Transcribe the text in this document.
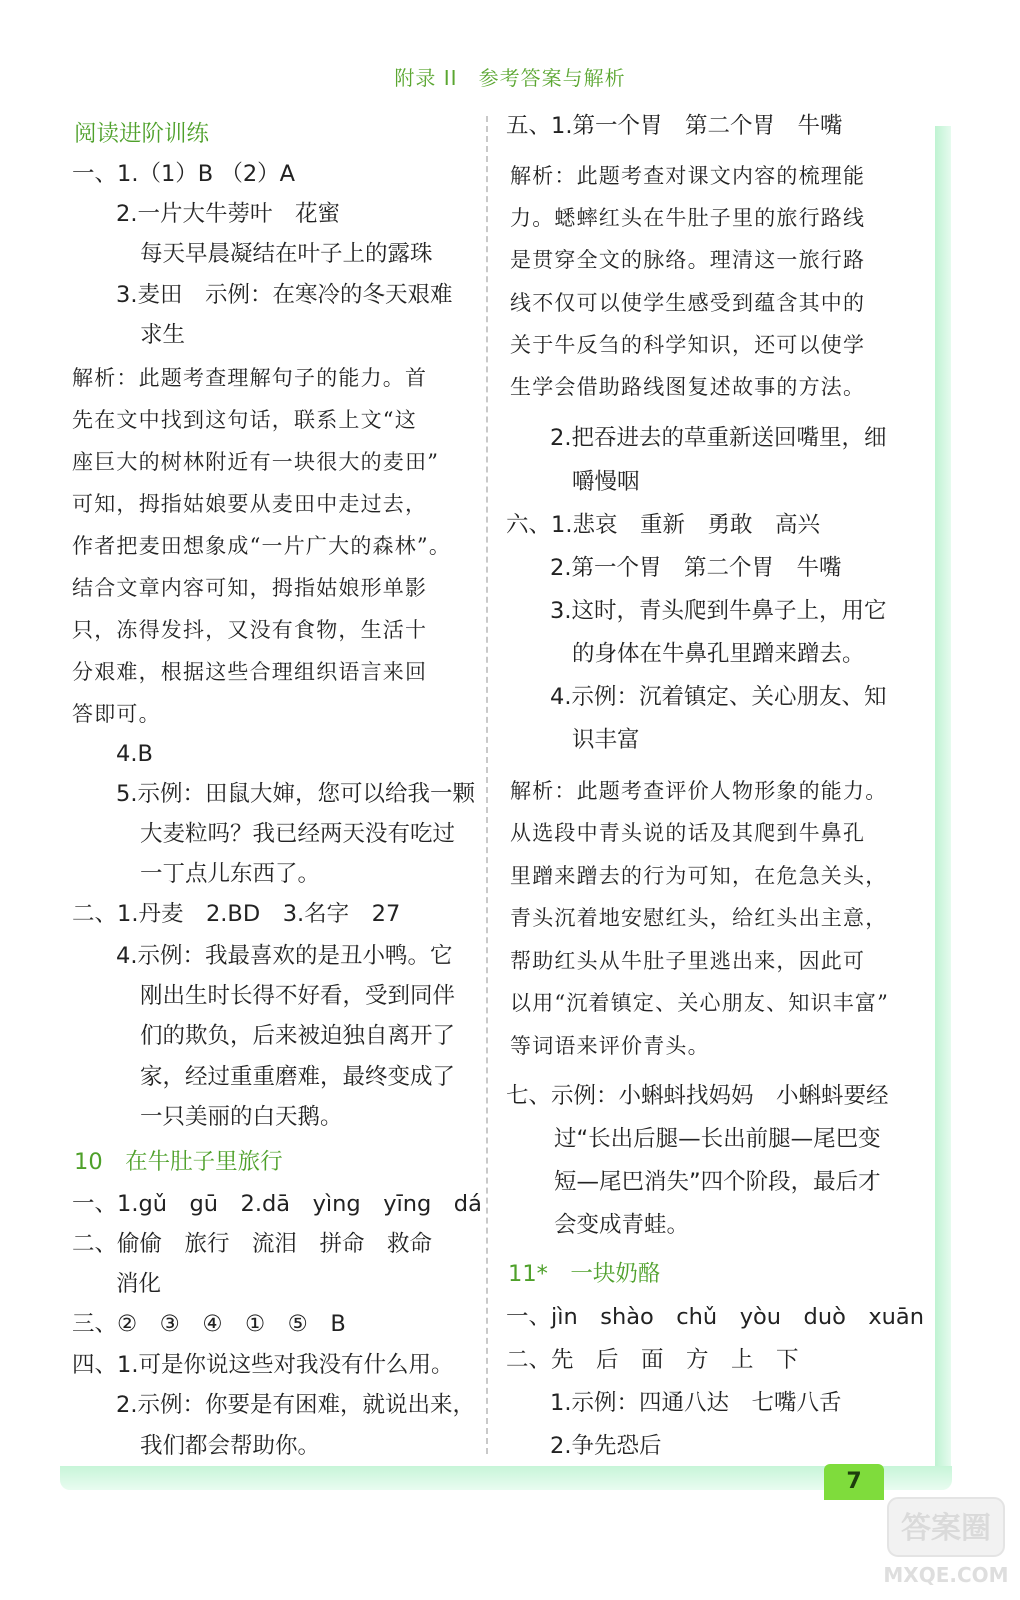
附录 II　参考答案与解析
阅读进阶训练
一、1.（1）B （2）A
2.一片大牛蒡叶　花蜜
每天早晨凝结在叶子上的露珠
3.麦田　示例：在寒冷的冬天艰难
求生
解析：此题考查理解句子的能力。首
先在文中找到这句话，联系上文“这
座巨大的树林附近有一块很大的麦田”
可知，拇指姑娘要从麦田中走过去，
作者把麦田想象成“一片广大的森林”。
结合文章内容可知，拇指姑娘形单影
只，冻得发抖，又没有食物，生活十
分艰难，根据这些合理组织语言来回
答即可。
4.B
5.示例：田鼠大婶，您可以给我一颗
大麦粒吗？我已经两天没有吃过
一丁点儿东西了。
二、1.丹麦　2.BD　3.名字　27
4.示例：我最喜欢的是丑小鸭。它
刚出生时长得不好看，受到同伴
们的欺负，后来被迫独自离开了
家，经过重重磨难，最终变成了
一只美丽的白天鹅。
10　在牛肚子里旅行
一、1.gǔ　gū　2.dā　yìng　yīng　dá
二、偷偷　旅行　流泪　拼命　救命
消化
三、②　③　④　①　⑤　B
四、1.可是你说这些对我没有什么用。
2.示例：你要是有困难，就说出来，
我们都会帮助你。
五、1.第一个胃　第二个胃　牛嘴
解析：此题考查对课文内容的梳理能
力。蟋蟀红头在牛肚子里的旅行路线
是贯穿全文的脉络。理清这一旅行路
线不仅可以使学生感受到蕴含其中的
关于牛反刍的科学知识，还可以使学
生学会借助路线图复述故事的方法。
2.把吞进去的草重新送回嘴里，细
嚼慢咽
六、1.悲哀　重新　勇敢　高兴
2.第一个胃　第二个胃　牛嘴
3.这时，青头爬到牛鼻子上，用它
的身体在牛鼻孔里蹭来蹭去。
4.示例：沉着镇定、关心朋友、知
识丰富
解析：此题考查评价人物形象的能力。
从选段中青头说的话及其爬到牛鼻孔
里蹭来蹭去的行为可知，在危急关头，
青头沉着地安慰红头，给红头出主意，
帮助红头从牛肚子里逃出来，因此可
以用“沉着镇定、关心朋友、知识丰富”
等词语来评价青头。
七、示例：小蝌蚪找妈妈　小蝌蚪要经
过“长出后腿—长出前腿—尾巴变
短—尾巴消失”四个阶段，最后才
会变成青蛙。
11*　一块奶酪
一、jìn　shào　chǔ　yòu　duò　xuān
二、先　后　面　方　上　下
1.示例：四通八达　七嘴八舌
2.争先恐后
7
答案圈
MXQE.COM
